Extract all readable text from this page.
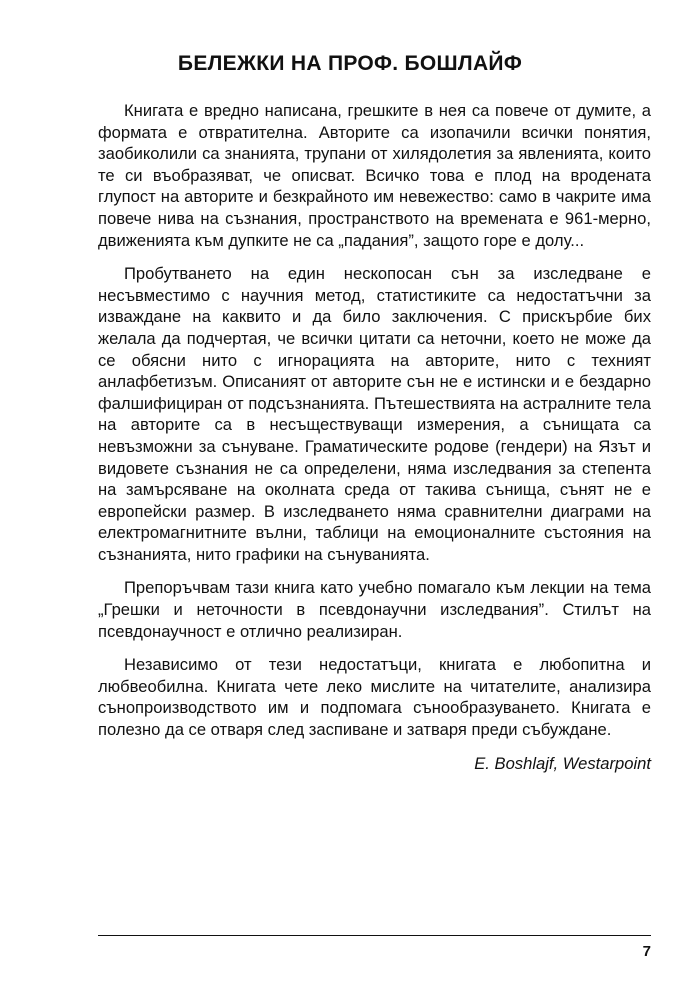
БЕЛЕЖКИ НА ПРОФ. БОШЛАЙФ

Книгата е вредно написана, грешките в нея са повече от думите, а формата е отвратителна. Авторите са изопачили всички понятия, заобиколили са знанията, трупани от хилядолетия за явленията, които те си въобразяват, че описват. Всичко това е плод на вродената глупост на авторите и безкрайното им невежество: само в чакрите има повече нива на съзнания, пространството на времената е 961-мерно, движенията към дупките не са „падания”, защото горе е долу...

Пробутването на един нескопосан сън за изследване е несъвместимо с научния метод, статистиките са недостатъчни за изваждане на каквито и да било заключения. С прискърбие бих желала да подчертая, че всички цитати са неточни, което не може да се обясни нито с игнорацията на авторите, нито с техният анлафбетизъм. Описаният от авторите сън не е истински и е бездарно фалшифициран от подсъзнанията. Пътешествията на астралните тела на авторите са в несъществуващи измерения, а сънищата са невъзможни за сънуване. Граматическите родове (гендери) на Язът и видовете съзнания не са определени, няма изследвания за степента на замърсяване на околната среда от такива сънища, сънят не е европейски размер. В изследването няма сравнителни диаграми на електромагнитните вълни, таблици на емоционалните състояния на съзнанията, нито графики на сънуванията.

Препоръчвам тази книга като учебно помагало към лекции на тема „Грешки и неточности в псевдонаучни изследвания”. Стилът на псевдонаучност е отлично реализиран.

Независимо от тези недостатъци, книгата е любопитна и любвеобилна. Книгата чете леко мислите на читателите, анализира сънопроизводството им и подпомага сънообразуването. Книгата е полезно да се отваря след заспиване и затваря преди събуждане.

E. Boshlajf, Westarpoint

7
